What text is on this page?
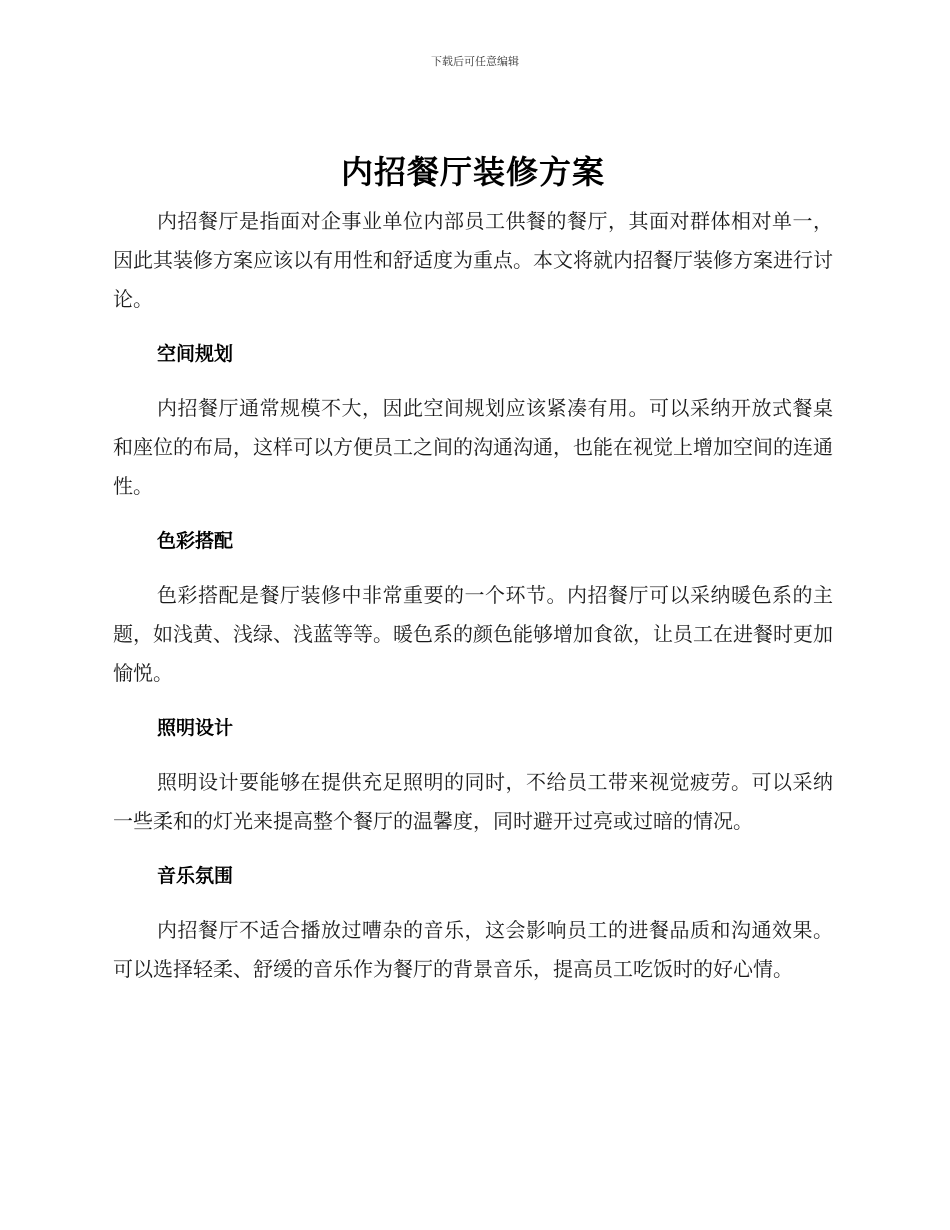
下载后可任意编辑
内招餐厅装修方案

内招餐厅是指面对企事业单位内部员工供餐的餐厅，其面对群体相对单一，因此其装修方案应该以有用性和舒适度为重点。本文将就内招餐厅装修方案进行讨论。

空间规划

内招餐厅通常规模不大，因此空间规划应该紧凑有用。可以采纳开放式餐桌和座位的布局，这样可以方便员工之间的沟通沟通，也能在视觉上增加空间的连通性。

色彩搭配

色彩搭配是餐厅装修中非常重要的一个环节。内招餐厅可以采纳暖色系的主题，如浅黄、浅绿、浅蓝等等。暖色系的颜色能够增加食欲，让员工在进餐时更加愉悦。

照明设计

照明设计要能够在提供充足照明的同时，不给员工带来视觉疲劳。可以采纳一些柔和的灯光来提高整个餐厅的温馨度，同时避开过亮或过暗的情况。

音乐氛围

内招餐厅不适合播放过嘈杂的音乐，这会影响员工的进餐品质和沟通效果。可以选择轻柔、舒缓的音乐作为餐厅的背景音乐，提高员工吃饭时的好心情。
